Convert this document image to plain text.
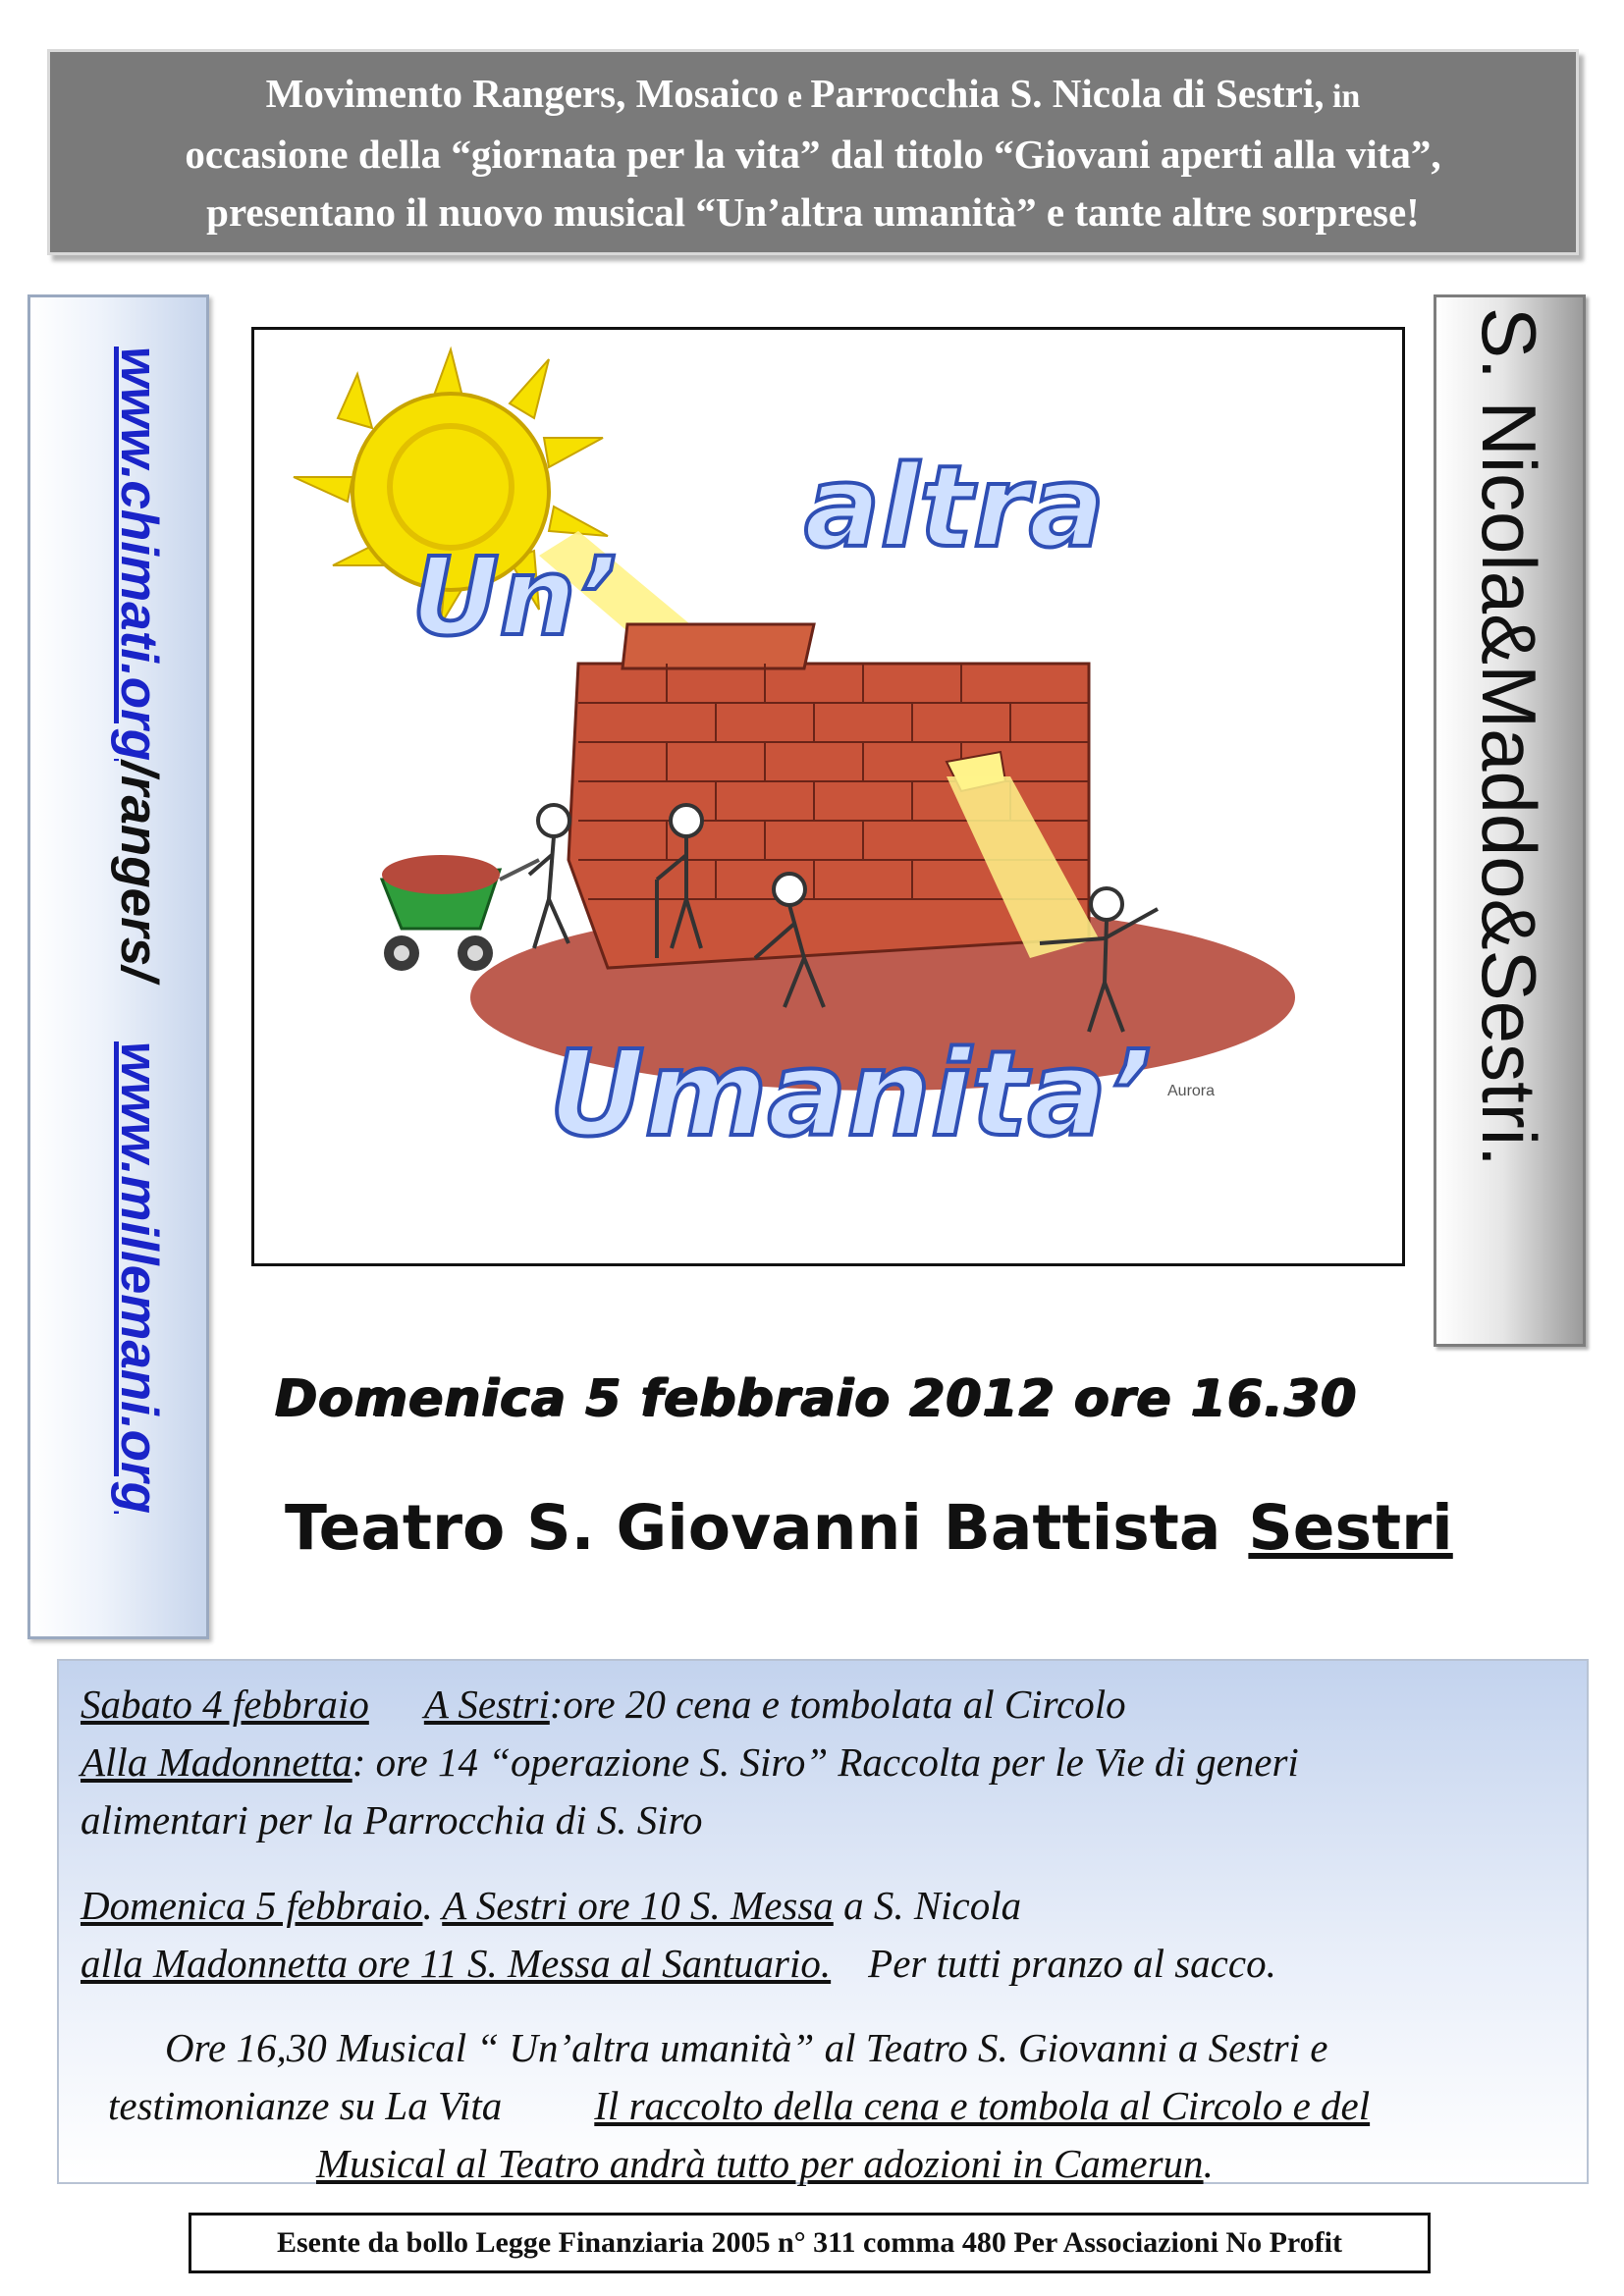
Movimento Rangers, Mosaico e Parrocchia S. Nicola di Sestri, in
occasione della “giornata per la vita” dal titolo “Giovani aperti alla vita”,
presentano il nuovo musical “Un’altra umanità” e tante altre sorprese!
www.chimati.org/rangers/www.millemani.org
S. Nicola&Maddo&Sestri.
Un’
altra
Umanita’ Aurora
Domenica 5 febbraio 2012 ore 16.30
Teatro S. Giovanni Battista Sestri
Sabato 4 febbraio A Sestri:ore 20 cena e tombolata al Circolo
Alla Madonnetta: ore 14 “operazione S. Siro” Raccolta per le Vie di generi
alimentari per la Parrocchia di S. Siro
Domenica 5 febbraio. A Sestri ore 10 S. Messa a S. Nicola
alla Madonnetta ore 11 S. Messa al Santuario. Per tutti pranzo al sacco.
Ore 16,30 Musical “ Un’altra umanità” al Teatro S. Giovanni a Sestri e
testimonianze su La Vita Il raccolto della cena e tombola al Circolo e del
Musical al Teatro andrà tutto per adozioni in Camerun.
Esente da bollo Legge Finanziaria 2005 n° 311 comma 480 Per Associazioni No Profit
